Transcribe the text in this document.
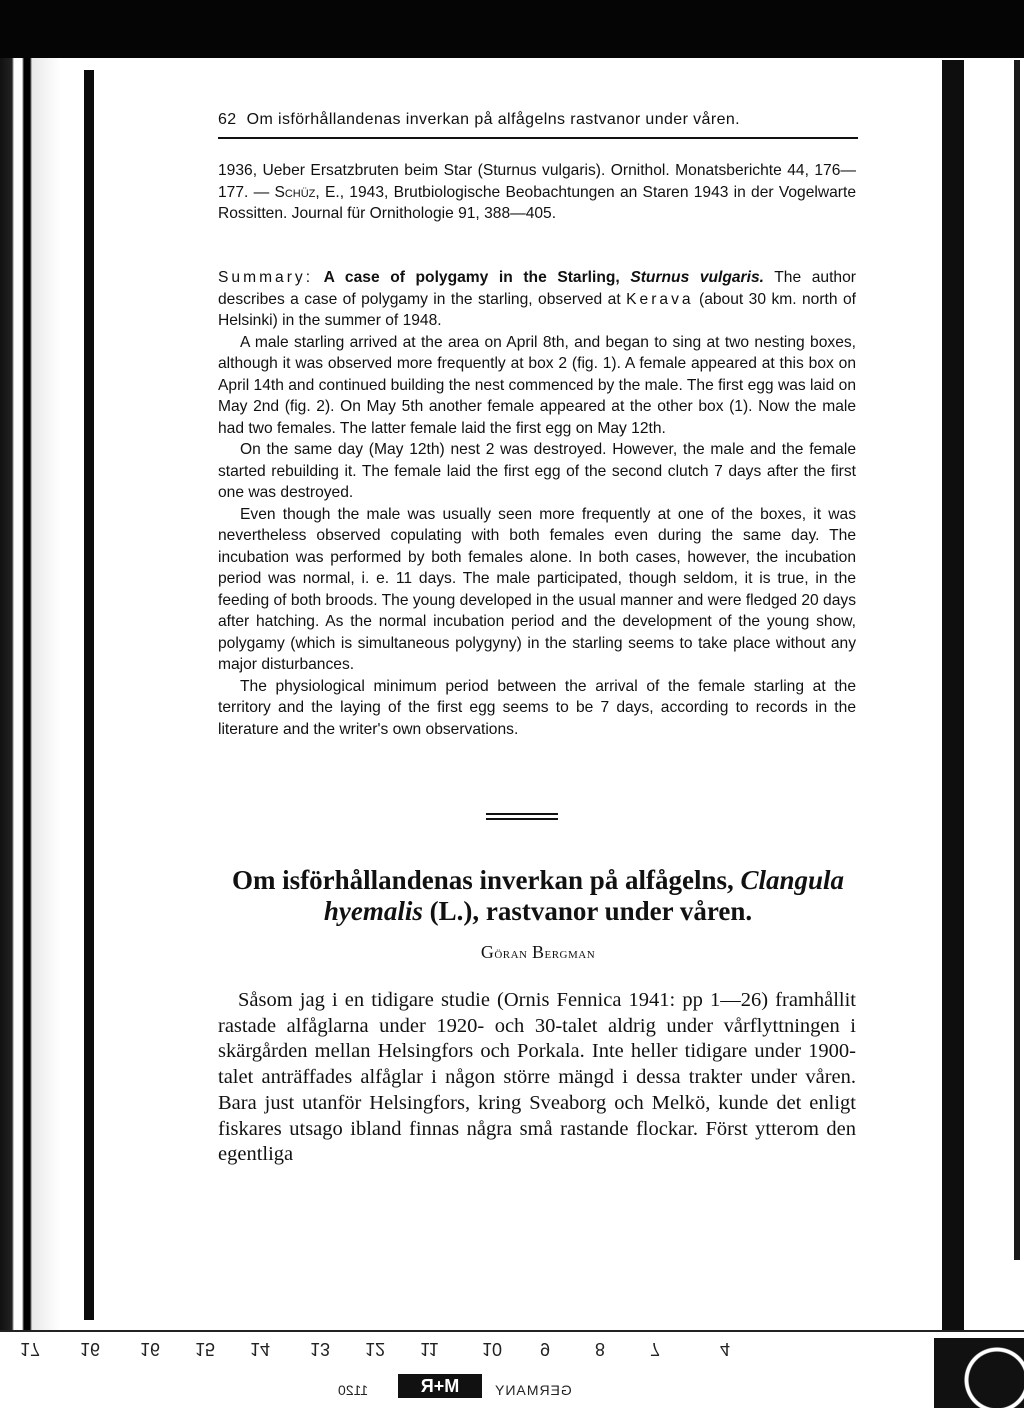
17 16 16 15 14 13 12 11 10 9 8 7	4
1120	M+R	GERMANY
62 Om isförhållandenas inverkan på alfågelns rastvanor under våren.
1936, Ueber Ersatzbruten beim Star (Sturnus vulgaris). Ornithol. Monatsberichte 44, 176—177. — Schüz, E., 1943, Brutbiologische Beobachtungen an Staren 1943 in der Vogelwarte Rossitten. Journal für Ornithologie 91, 388—405.

Summary: A case of polygamy in the Starling, Sturnus vulgaris. The author describes a case of polygamy in the starling, observed at Kerava (about 30 km. north of Helsinki) in the summer of 1948.

A male starling arrived at the area on April 8th, and began to sing at two nesting boxes, although it was observed more frequently at box 2 (fig. 1). A female appeared at this box on April 14th and continued building the nest commenced by the male. The first egg was laid on May 2nd (fig. 2). On May 5th another female appeared at the other box (1). Now the male had two females. The latter female laid the first egg on May 12th.

On the same day (May 12th) nest 2 was destroyed. However, the male and the female started rebuilding it. The female laid the first egg of the second clutch 7 days after the first one was destroyed.

Even though the male was usually seen more frequently at one of the boxes, it was nevertheless observed copulating with both females even during the same day. The incubation was performed by both females alone. In both cases, however, the incubation period was normal, i. e. 11 days. The male participated, though seldom, it is true, in the feeding of both broods. The young developed in the usual manner and were fledged 20 days after hatching. As the normal incubation period and the development of the young show, polygamy (which is simultaneous polygyny) in the starling seems to take place without any major disturbances.

The physiological minimum period between the arrival of the female starling at the territory and the laying of the first egg seems to be 7 days, according to records in the literature and the writer's own observations.

Om isförhållandenas inverkan på alfågelns, Clangula hyemalis (L.), rastvanor under våren.
Göran Bergman
Såsom jag i en tidigare studie (Ornis Fennica 1941: pp 1—26) framhållit rastade alfåglarna under 1920- och 30-talet aldrig under vårflyttningen i skärgården mellan Helsingfors och Porkala. Inte heller tidigare under 1900-talet anträffades alfåglar i någon större mängd i dessa trakter under våren. Bara just utanför Helsingfors, kring Sveaborg och Melkö, kunde det enligt fiskares utsago ibland finnas några små rastande flockar. Först ytterom den egentliga
